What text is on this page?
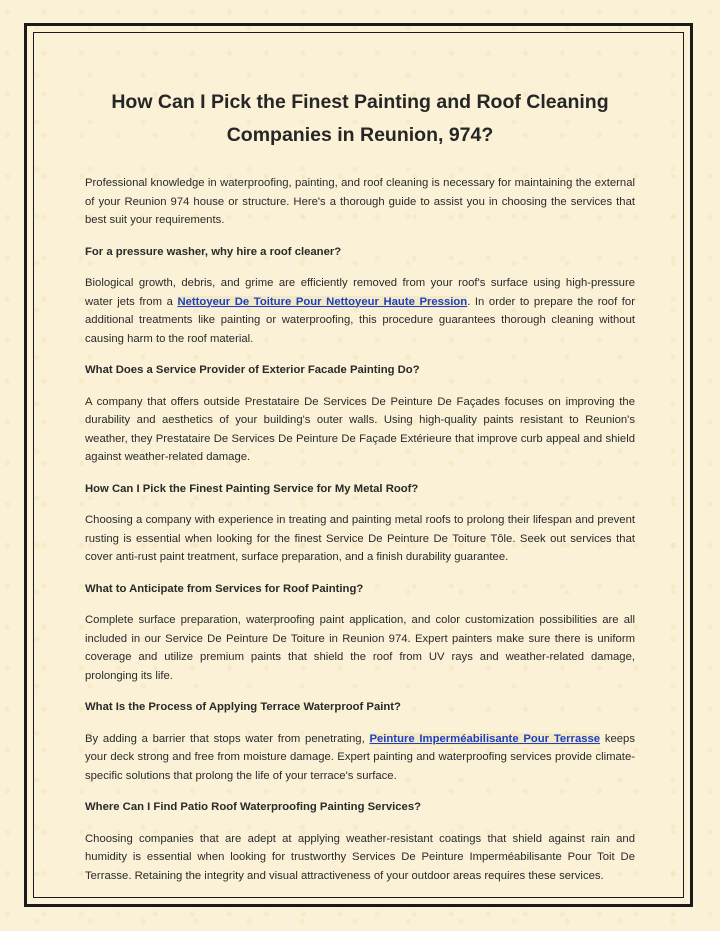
How Can I Pick the Finest Painting and Roof Cleaning Companies in Reunion, 974?

Professional knowledge in waterproofing, painting, and roof cleaning is necessary for maintaining the external of your Reunion 974 house or structure. Here's a thorough guide to assist you in choosing the services that best suit your requirements.

For a pressure washer, why hire a roof cleaner?

Biological growth, debris, and grime are efficiently removed from your roof's surface using high-pressure water jets from a Nettoyeur De Toiture Pour Nettoyeur Haute Pression. In order to prepare the roof for additional treatments like painting or waterproofing, this procedure guarantees thorough cleaning without causing harm to the roof material.

What Does a Service Provider of Exterior Facade Painting Do?

A company that offers outside Prestataire De Services De Peinture De Façades focuses on improving the durability and aesthetics of your building's outer walls. Using high-quality paints resistant to Reunion's weather, they Prestataire De Services De Peinture De Façade Extérieure that improve curb appeal and shield against weather-related damage.

How Can I Pick the Finest Painting Service for My Metal Roof?

Choosing a company with experience in treating and painting metal roofs to prolong their lifespan and prevent rusting is essential when looking for the finest Service De Peinture De Toiture Tôle. Seek out services that cover anti-rust paint treatment, surface preparation, and a finish durability guarantee.

What to Anticipate from Services for Roof Painting?

Complete surface preparation, waterproofing paint application, and color customization possibilities are all included in our Service De Peinture De Toiture in Reunion 974. Expert painters make sure there is uniform coverage and utilize premium paints that shield the roof from UV rays and weather-related damage, prolonging its life.

What Is the Process of Applying Terrace Waterproof Paint?

By adding a barrier that stops water from penetrating, Peinture Imperméabilisante Pour Terrasse keeps your deck strong and free from moisture damage. Expert painting and waterproofing services provide climate-specific solutions that prolong the life of your terrace's surface.

Where Can I Find Patio Roof Waterproofing Painting Services?

Choosing companies that are adept at applying weather-resistant coatings that shield against rain and humidity is essential when looking for trustworthy Services De Peinture Imperméabilisante Pour Toit De Terrasse. Retaining the integrity and visual attractiveness of your outdoor areas requires these services.
